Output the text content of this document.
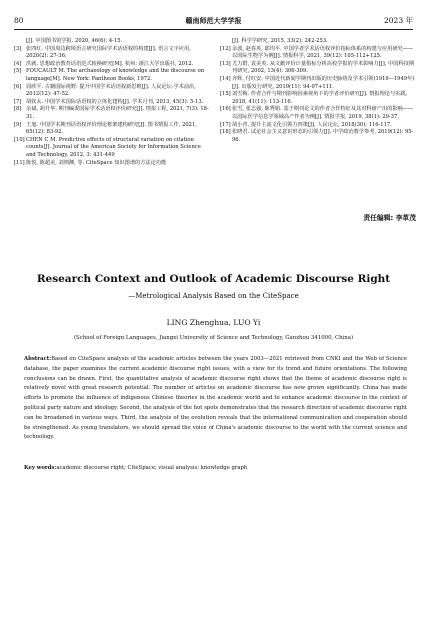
80	赣南师范大学学报	2023 年
[J]. 中国图书馆学报. 2020, 46(6): 4-15.
[3] 张四红. 中国周边跨境语言研究国际学术话语权的构建[J]. 语言文字应用, 2020(2): 27-36.
[4] 洪就. 思想政治教育话语范式转换研究[M]. 杭州: 浙江大学出版社, 2012.
[5] FOUCAULT M. The archaeology of knowledge and the discourse on language[M]. New York: Pantheon Books, 1972.
[6] 周欣平. 古籍国际视野: 提升中国学术话语权新思维[J]. 人民论坛·学术前沿, 2012(12): 47-52.
[7] 胡钦太. 中国学术国际话语权的立体化建构[J]. 学术月刊, 2013, 45(3): 5-13.
[8] 余斌, 胡升华. 期刊编委国际学术话语权评价研究[J]. 情报工程, 2021, 7(3): 18-31.
[9] 王旭. 中国学术期刊话语权评价理论框架建构研究[J]. 图书情报工作, 2021, 65(12): 83-92.
[10] CHEN C M. Predictive effects of structural variation on citation counts[J]. Journal of the American Society for Information Science and Technology, 2012, 3: 431-449
[11] 陈悦, 陈超美, 刘则渊, 等. CiteSpace 知识图谱的方法论功能
[J]. 科学学研究, 2015, 33(2): 242-253.
[12] 余波, 赵春英, 邱均平. 中国学者学术话语权评价指标体系的构建与应用研究——以国际生物学为例[J]. 情报科学, 2021, 39(12): 105-112+125.
[13] 尤力群, 袁美英. 从文献评价计量指标分析高校学报的学术影响力[J]. 中国科技期刊研究, 2002, 13(4): 306-309.
[14] 齐辉, 付红安. 中国近代新闻学期刊出版的历史脉络及学术引领(1919—1949年)[J]. 出版发行研究, 2019(11): 94-97+111.
[15] 刘雪梅. 作者合作与期刊影响因素视角下的学者评价研究[J]. 情报理论与实践, 2018, 41(11): 113-116.
[16] 张雪, 张志强, 陈秀娟. 基于期刊论文的作者合作特征及其对科研产出的影响——以国际医学信息学领域高产作者为例[J]. 情报学报, 2019, 38(1): 29-37.
[17] 胡小青, 提升主流文化引领力四策[J]. 人民论坛, 2018(30): 116-117.
[18] 张晓君. 试论社会主义意识形态的引领力[J]. 中学政治教学参考, 2019(12): 95-96.
责任编辑: 李革茂
Research Context and Outlook of Academic Discourse Right
—Metrological Analysis Based on the CiteSpace
LING Zhenghua, LUO Yi
(School of Foreign Languages, Jiangxi University of Science and Technology, Ganzhou 341000, China)
Abstract:Based on CiteSpace analysis of the academic articles between the years 2003—2021 retrieved from CNKI and the Web of Science database, the paper examines the current academic discourse right issues, with a view for its trend and future orientations. The following conclusions can be drawn. First, the quantitative analysis of academic discourse right shows that the theme of academic discourse right is relatively novel with great research potential. The number of articles on academic discourse has now grown significantly. China has made efforts to promote the influence of indigenous Chinese theories in the academic world and to enhance academic discourse in the context of political party nature and ideology. Second, the analysis of the hot spots demonstrates that the research direction of academic discourse right can be broadened in various ways. Third, the analysis of the evolution reveals that the international communication and cooperation should be strengthened. As young translators, we should spread the voice of China's academic discourse to the world with the current science and technology.
Key words:academic discourse right; CiteSpace; visual analysis; knowledge graph
